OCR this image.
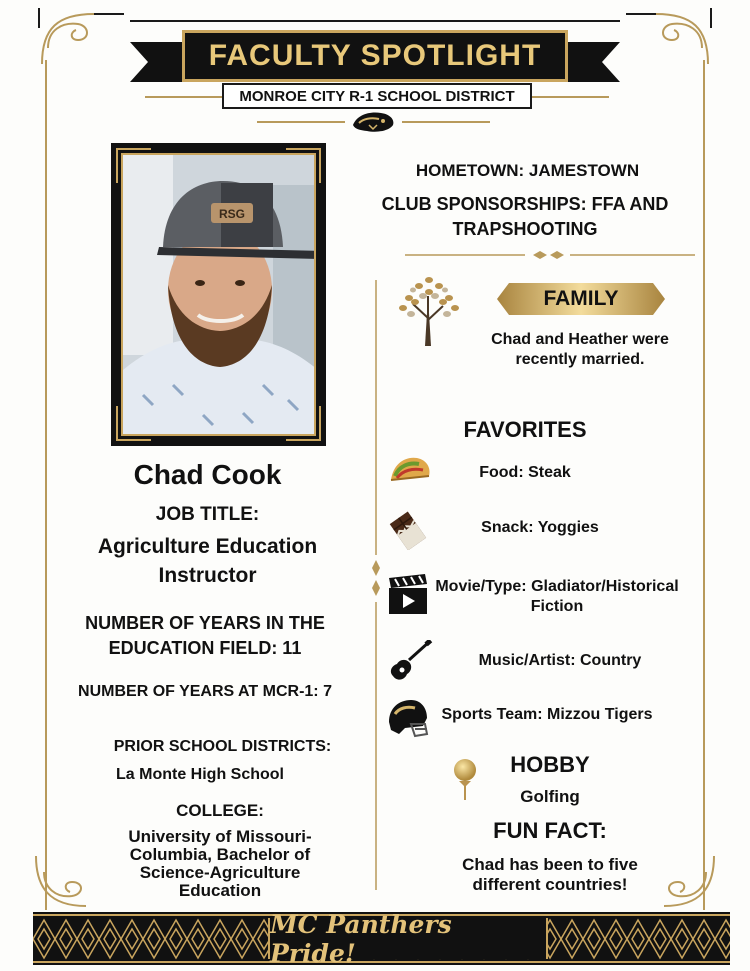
FACULTY SPOTLIGHT
MONROE CITY R-1 SCHOOL DISTRICT
RSG
Chad Cook
JOB TITLE:
Agriculture Education Instructor
NUMBER OF YEARS IN THE EDUCATION FIELD: 11
NUMBER OF YEARS AT MCR-1: 7
PRIOR SCHOOL DISTRICTS:
La Monte High School
COLLEGE:
University of Missouri-Columbia, Bachelor of Science-Agriculture Education
HOMETOWN: JAMESTOWN
CLUB SPONSORSHIPS: FFA AND TRAPSHOOTING
FAMILY
Chad and Heather were recently married.
FAVORITES
Food: Steak
Snack: Yoggies
Movie/Type: Gladiator/Historical Fiction
Music/Artist: Country
Sports Team: Mizzou Tigers
HOBBY
Golfing
FUN FACT:
Chad has been to five different countries!
MC Panthers Pride!
